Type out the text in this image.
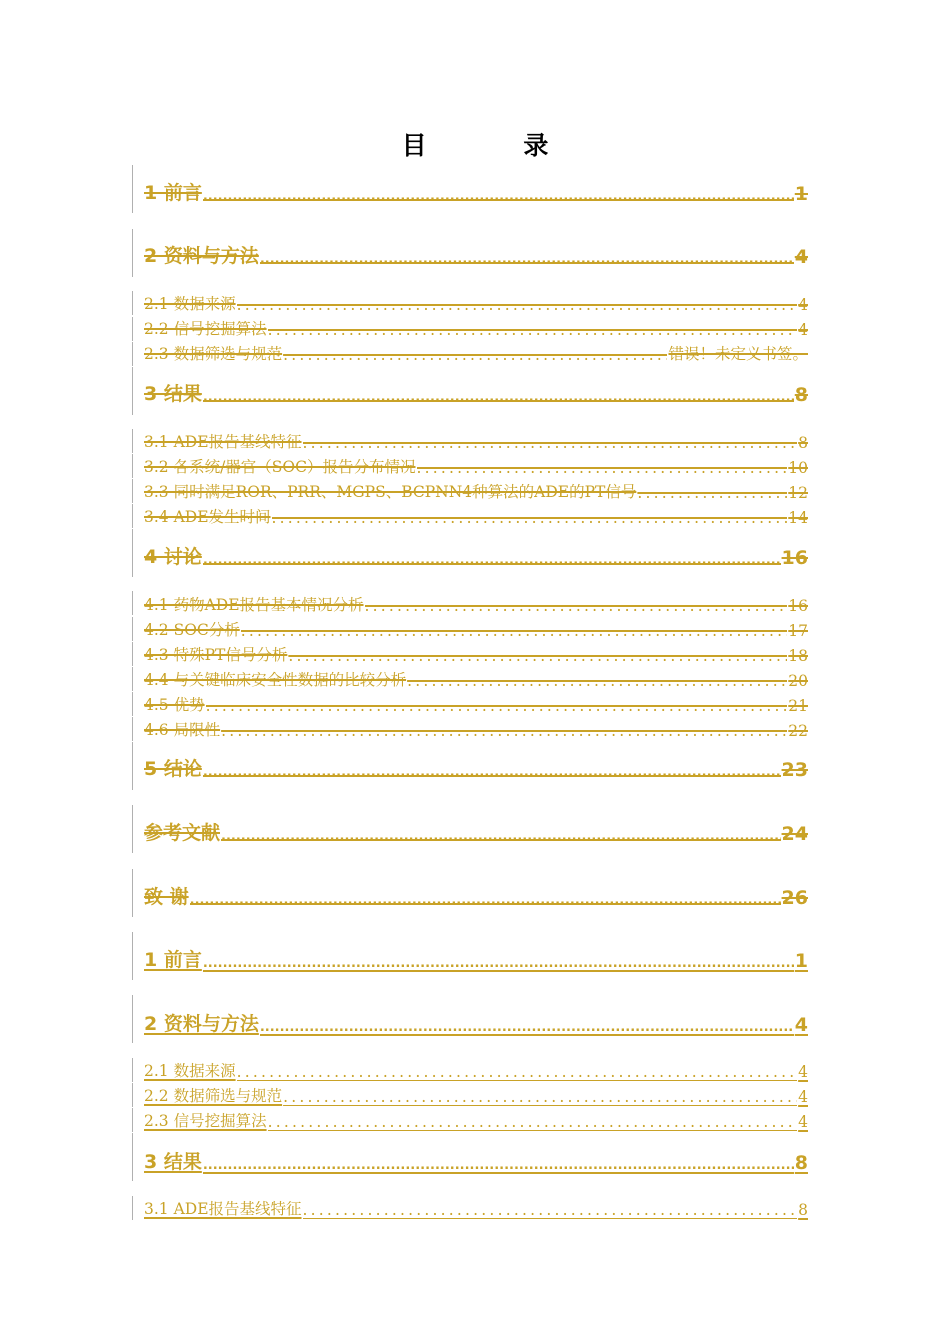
目 录
1 前言 .....	1
2 资料与方法 .....	4
2.1 数据来源 .....	4
2.2 信号挖掘算法 .....	4
2.3 数据筛选与规范 .....	错误！未定义书签。
3 结果 .....	8
3.1 ADE报告基线特征 .....	8
3.2 各系统/器官（SOC）报告分布情况 .....	10
3.3 同时满足ROR、PRR、MGPS、BCPNN4种算法的ADE的PT信号 .....	12
3.4 ADE发生时间 .....	14
4 讨论 .....	16
4.1 药物ADE报告基本情况分析 .....	16
4.2 SOC分析 .....	17
4.3 特殊PT信号分析 .....	18
4.4 与关键临床安全性数据的比较分析 .....	20
4.5 优势 .....	21
4.6 局限性 .....	22
5 结论 .....	23
参考文献 .....	24
致 谢 .....	26
1 前言 .....	1
2 资料与方法 .....	4
2.1 数据来源 .....	4
2.2 数据筛选与规范 .....	4
2.3 信号挖掘算法 .....	4
3 结果 .....	8
3.1 ADE报告基线特征 .....	8
